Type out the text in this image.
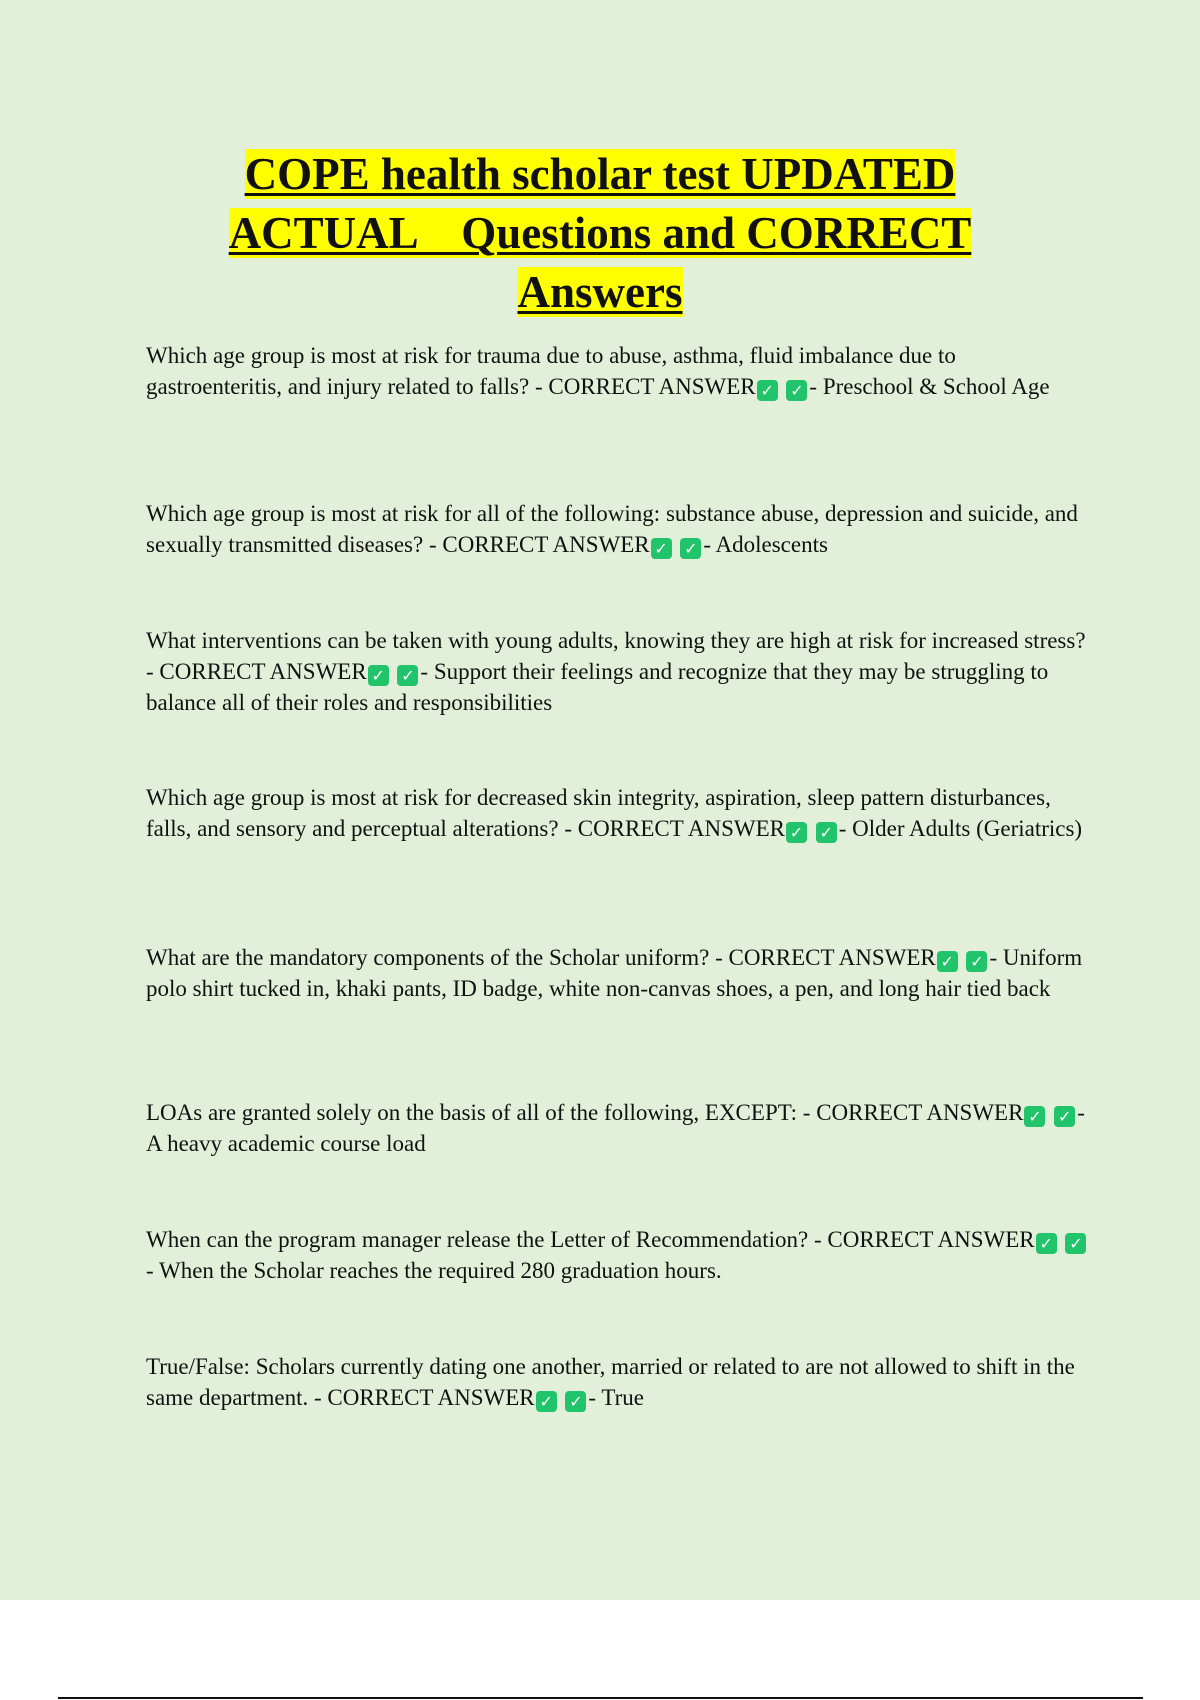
COPE health scholar test UPDATED
ACTUAL    Questions and CORRECT
Answers

Which age group is most at risk for trauma due to abuse, asthma, fluid imbalance due to gastroenteritis, and injury related to falls? - CORRECT ANSWER ✓ ✓ - Preschool & School Age

Which age group is most at risk for all of the following: substance abuse, depression and suicide, and sexually transmitted diseases? - CORRECT ANSWER ✓ ✓ - Adolescents

What interventions can be taken with young adults, knowing they are high at risk for increased stress? - CORRECT ANSWER ✓ ✓ - Support their feelings and recognize that they may be struggling to balance all of their roles and responsibilities

Which age group is most at risk for decreased skin integrity, aspiration, sleep pattern disturbances, falls, and sensory and perceptual alterations? - CORRECT ANSWER ✓ ✓ - Older Adults (Geriatrics)

What are the mandatory components of the Scholar uniform? - CORRECT ANSWER ✓ ✓ - Uniform polo shirt tucked in, khaki pants, ID badge, white non-canvas shoes, a pen, and long hair tied back

LOAs are granted solely on the basis of all of the following, EXCEPT: - CORRECT ANSWER ✓ ✓ - A heavy academic course load

When can the program manager release the Letter of Recommendation? - CORRECT ANSWER ✓ ✓- When the Scholar reaches the required 280 graduation hours.

True/False: Scholars currently dating one another, married or related to are not allowed to shift in the same department. - CORRECT ANSWER ✓ ✓ - True
